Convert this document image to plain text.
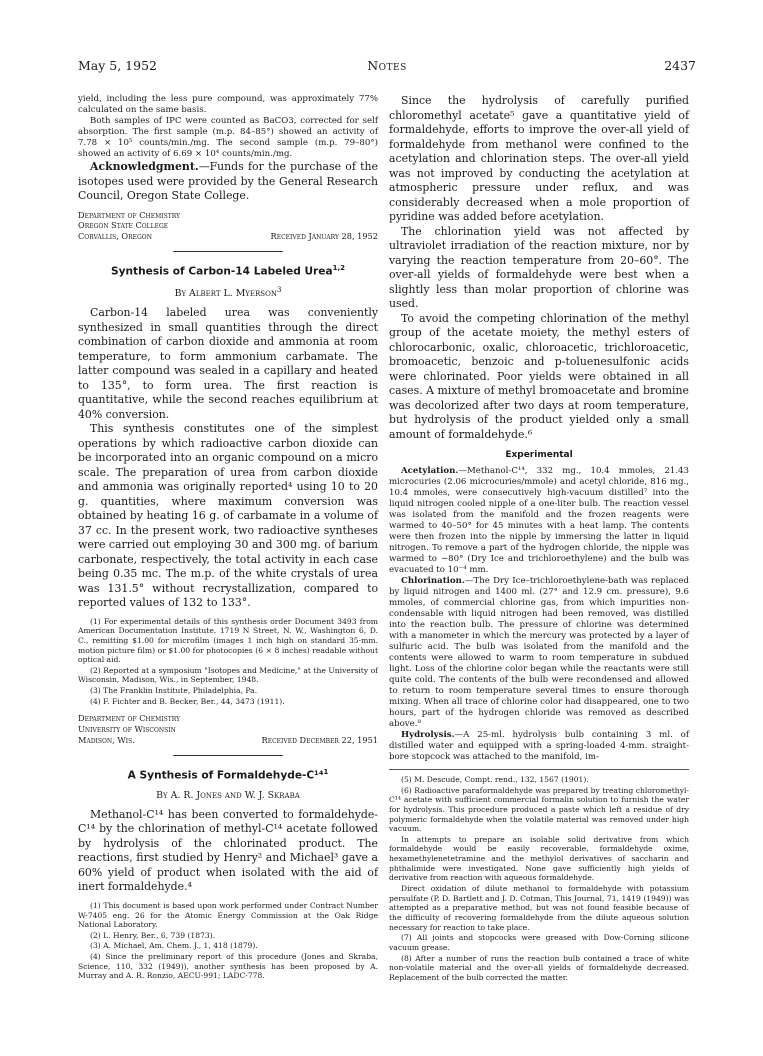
May 5, 1952	Notes	2437

yield, including the less pure compound, was approximately 77% calculated on the same basis.

Both samples of IPC were counted as BaCO3, corrected for self absorption. The first sample (m.p. 84–85°) showed an activity of 7.78 × 10⁵ counts/min./mg. The second sample (m.p. 79–80°) showed an activity of 6.69 × 10⁴ counts/min./mg.

Acknowledgment.—Funds for the purchase of the isotopes used were provided by the General Research Council, Oregon State College.

Department of Chemistry
Oregon State College
Corvallis, Oregon	Received January 28, 1952
Synthesis of Carbon-14 Labeled Urea$^{1,2}$
By Albert L. Myerson$^3$

Carbon-14 labeled urea was conveniently synthesized in small quantities through the direct combination of carbon dioxide and ammonia at room temperature, to form ammonium carbamate. The latter compound was sealed in a capillary and heated to 135°, to form urea. The first reaction is quantitative, while the second reaches equilibrium at 40% conversion.

This synthesis constitutes one of the simplest operations by which radioactive carbon dioxide can be incorporated into an organic compound on a micro scale. The preparation of urea from carbon dioxide and ammonia was originally reported⁴ using 10 to 20 g. quantities, where maximum conversion was obtained by heating 16 g. of carbamate in a volume of 37 cc. In the present work, two radioactive syntheses were carried out employing 30 and 300 mg. of barium carbonate, respectively, the total activity in each case being 0.35 mc. The m.p. of the white crystals of urea was 131.5° without recrystallization, compared to reported values of 132 to 133°.

(1) For experimental details of this synthesis order Document 3493 from American Documentation Institute, 1719 N Street, N. W., Washington 6, D. C., remitting $1.00 for microfilm (images 1 inch high on standard 35-mm. motion picture film) or $1.00 for photocopies (6 × 8 inches) readable without optical aid.

(2) Reported at a symposium "Isotopes and Medicine," at the University of Wisconsin, Madison, Wis., in September, 1948.

(3) The Franklin Institute, Philadelphia, Pa.

(4) F. Fichter and B. Becker, Ber., 44, 3473 (1911).

Department of Chemistry
University of Wisconsin
Madison, Wis.	Received December 22, 1951
A Synthesis of Formaldehyde-C¹⁴$^1$
By A. R. Jones and W. J. Skraba

Methanol-C¹⁴ has been converted to formaldehyde-C¹⁴ by the chlorination of methyl-C¹⁴ acetate followed by hydrolysis of the chlorinated product. The reactions, first studied by Henry² and Michael³ gave a 60% yield of product when isolated with the aid of inert formaldehyde.⁴

(1) This document is based upon work performed under Contract Number W-7405 eng. 26 for the Atomic Energy Commission at the Oak Ridge National Laboratory.

(2) L. Henry, Ber., 6, 739 (1873).

(3) A. Michael, Am. Chem. J., 1, 418 (1879).

(4) Since the preliminary report of this procedure (Jones and Skraba, Science, 110, 332 (1949)), another synthesis has been proposed by A. Murray and A. R. Ronzio, AECU-991; LADC-778.

Since the hydrolysis of carefully purified chloromethyl acetate⁵ gave a quantitative yield of formaldehyde, efforts to improve the over-all yield of formaldehyde from methanol were confined to the acetylation and chlorination steps. The over-all yield was not improved by conducting the acetylation at atmospheric pressure under reflux, and was considerably decreased when a mole proportion of pyridine was added before acetylation.

The chlorination yield was not affected by ultraviolet irradiation of the reaction mixture, nor by varying the reaction temperature from 20–60°. The over-all yields of formaldehyde were best when a slightly less than molar proportion of chlorine was used.

To avoid the competing chlorination of the methyl group of the acetate moiety, the methyl esters of chlorocarbonic, oxalic, chloroacetic, trichloroacetic, bromoacetic, benzoic and p-toluenesulfonic acids were chlorinated. Poor yields were obtained in all cases. A mixture of methyl bromoacetate and bromine was decolorized after two days at room temperature, but hydrolysis of the product yielded only a small amount of formaldehyde.⁶

Experimental

Acetylation.—Methanol-C¹⁴, 332 mg., 10.4 mmoles, 21.43 microcuries (2.06 microcuries/mmole) and acetyl chloride, 816 mg., 10.4 mmoles, were consecutively high-vacuum distilled⁷ into the liquid nitrogen cooled nipple of a one-liter bulb. The reaction vessel was isolated from the manifold and the frozen reagents were warmed to 40–50° for 45 minutes with a heat lamp. The contents were then frozen into the nipple by immersing the latter in liquid nitrogen. To remove a part of the hydrogen chloride, the nipple was warmed to −80° (Dry Ice and trichloroethylene) and the bulb was evacuated to 10⁻⁴ mm.

Chlorination.—The Dry Ice–trichloroethylene-bath was replaced by liquid nitrogen and 1400 ml. (27° and 12.9 cm. pressure), 9.6 mmoles, of commercial chlorine gas, from which impurities non-condensable with liquid nitrogen had been removed, was distilled into the reaction bulb. The pressure of chlorine was determined with a manometer in which the mercury was protected by a layer of sulfuric acid. The bulb was isolated from the manifold and the contents were allowed to warm to room temperature in subdued light. Loss of the chlorine color began while the reactants were still quite cold. The contents of the bulb were recondensed and allowed to return to room temperature several times to ensure thorough mixing. When all trace of chlorine color had disappeared, one to two hours, part of the hydrogen chloride was removed as described above.⁸

Hydrolysis.—A 25-ml. hydrolysis bulb containing 3 ml. of distilled water and equipped with a spring-loaded 4-mm. straight-bore stopcock was attached to the manifold, im-

(5) M. Descude, Compt. rend., 132, 1567 (1901).

(6) Radioactive paraformaldehyde was prepared by treating chloromethyl-C¹⁴ acetate with sufficient commercial formalin solution to furnish the water for hydrolysis. This procedure produced a paste which left a residue of dry polymeric formaldehyde when the volatile material was removed under high vacuum.

In attempts to prepare an isolable solid derivative from which formaldehyde would be easily recoverable, formaldehyde oxime, hexamethylenetetramine and the methylol derivatives of saccharin and phthalimide were investigated. None gave sufficiently high yields of derivative from reaction with aqueous formaldehyde.

Direct oxidation of dilute methanol to formaldehyde with potassium persulfate (P. D. Bartlett and J. D. Cotman, This Journal, 71, 1419 (1949)) was attempted as a preparative method, but was not found feasible because of the difficulty of recovering formaldehyde from the dilute aqueous solution necessary for reaction to take place.

(7) All joints and stopcocks were greased with Dow-Corning silicone vacuum grease.

(8) After a number of runs the reaction bulb contained a trace of white non-volatile material and the over-all yields of formaldehyde decreased. Replacement of the bulb corrected the matter.
